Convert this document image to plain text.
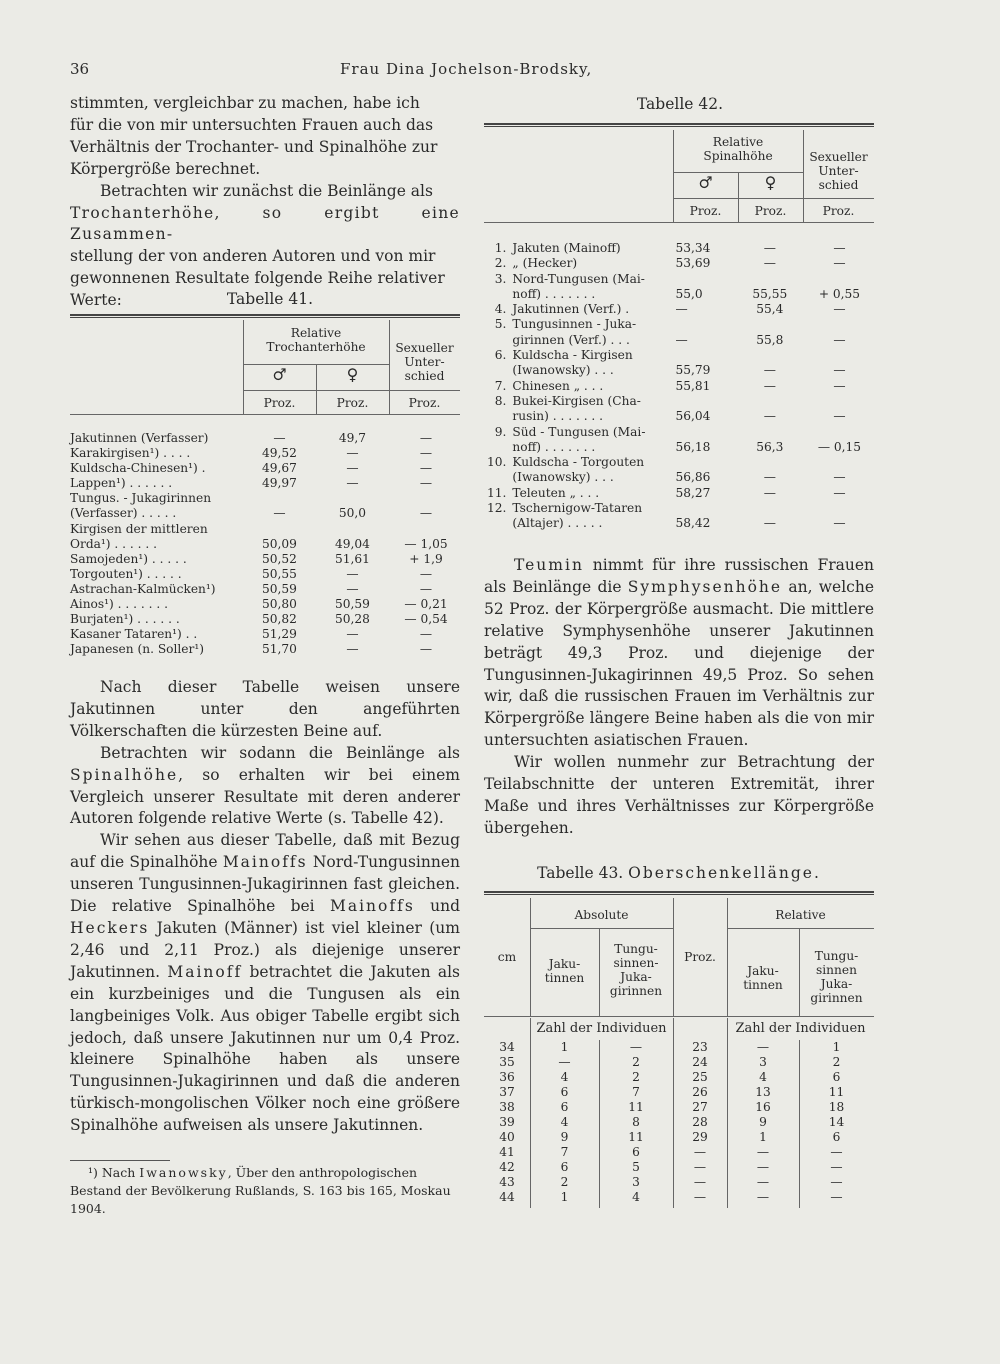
36	Frau Dina Jochelson-Brodsky,

stimmten, vergleichbar zu machen, habe ich

für die von mir untersuchten Frauen auch das

Verhältnis der Trochanter- und Spinalhöhe zur

Körpergröße berechnet.

Betrachten wir zunächst die Beinlänge als

Trochanterhöhe, so ergibt eine Zusammen-

stellung der von anderen Autoren und von mir

gewonnenen Resultate folgende Reihe relativer

Werte:	Tabelle 41.
Relative
Trochanterhöhe	Sexueller
Unter-
schied
♂	♀
Proz.	Proz.	Proz.
Jakutinnen (Verfasser)	—	49,7	—
Karakirgisen¹) . . . .	49,52	—	—
Kuldscha-Chinesen¹) .	49,67	—	—
Lappen¹) . . . . . .	49,97	—	—
Tungus. - Jukagirinnen			
(Verfasser) . . . . .	—	50,0	—
Kirgisen der mittleren			
Orda¹) . . . . . .	50,09	49,04	— 1,05
Samojeden¹) . . . . .	50,52	51,61	+ 1,9
Torgouten¹) . . . . .	50,55	—	—
Astrachan-Kalmücken¹)	50,59	—	—
Ainos¹) . . . . . . .	50,80	50,59	— 0,21
Burjaten¹) . . . . . .	50,82	50,28	— 0,54
Kasaner Tataren¹) . .	51,29	—	—
Japanesen (n. Soller¹)	51,70	—	—

Nach dieser Tabelle weisen unsere Jakutinnen unter den angeführten Völkerschaften die kürzesten Beine auf.

Betrachten wir sodann die Beinlänge als Spinalhöhe, so erhalten wir bei einem Vergleich unserer Resultate mit deren anderer Autoren folgende relative Werte (s. Tabelle 42).

Wir sehen aus dieser Tabelle, daß mit Bezug auf die Spinalhöhe Mainoffs Nord-Tungusinnen unseren Tungusinnen-Jukagirinnen fast gleichen. Die relative Spinalhöhe bei Mainoffs und Heckers Jakuten (Männer) ist viel kleiner (um 2,46 und 2,11 Proz.) als diejenige unserer Jakutinnen. Mainoff betrachtet die Jakuten als ein kurzbeiniges und die Tungusen als ein langbeiniges Volk. Aus obiger Tabelle ergibt sich jedoch, daß unsere Jakutinnen nur um 0,4 Proz. kleinere Spinalhöhe haben als unsere Tungusinnen-Jukagirinnen und daß die anderen türkisch-mongolischen Völker noch eine größere Spinalhöhe aufweisen als unsere Jakutinnen.

¹) Nach Iwanowsky, Über den anthropologischen Bestand der Bevölkerung Rußlands, S. 163 bis 165, Moskau 1904.
Tabelle 42.
Relative
Spinalhöhe	Sexueller
Unter-
schied
♂	♀
Proz.	Proz.	Proz.
1.	Jakuten (Mainoff)	53,34	—	—
2.	„ (Hecker)	53,69	—	—
3.	Nord-Tungusen (Mai-			
	noff) . . . . . . .	55,0	55,55	+ 0,55
4.	Jakutinnen (Verf.) .	—	55,4	—
5.	Tungusinnen - Juka-			
	girinnen (Verf.) . . .	—	55,8	—
6.	Kuldscha - Kirgisen			
	(Iwanowsky) . . .	55,79	—	—
7.	Chinesen „ . . .	55,81	—	—
8.	Bukei-Kirgisen (Cha-			
	rusin) . . . . . . .	56,04	—	—
9.	Süd - Tungusen (Mai-			
	noff) . . . . . . .	56,18	56,3	— 0,15
10.	Kuldscha - Torgouten			
	(Iwanowsky) . . .	56,86	—	—
11.	Teleuten „ . . .	58,27	—	—
12.	Tschernigow-Tataren			
	(Altajer) . . . . .	58,42	—	—

Teumin nimmt für ihre russischen Frauen als Beinlänge die Symphysenhöhe an, welche 52 Proz. der Körpergröße ausmacht. Die mittlere relative Symphysenhöhe unserer Jakutinnen beträgt 49,3 Proz. und diejenige der Tungusinnen-Jukagirinnen 49,5 Proz. So sehen wir, daß die russischen Frauen im Verhältnis zur Körpergröße längere Beine haben als die von mir untersuchten asiatischen Frauen.

Wir wollen nunmehr zur Betrachtung der Teilabschnitte der unteren Extremität, ihrer Maße und ihres Verhältnisses zur Körpergröße übergehen.

Tabelle 43. Oberschenkellänge.
cm
Absolute	Relative
Proz.
Jaku-
tinnen
Tungu-
sinnen-
Juka-
girinnen
Jaku-
tinnen
Tungu-
sinnen
Juka-
girinnen
Zahl der Individuen	Zahl der Individuen
34	1	—	23	—	1
35	—	2	24	3	2
36	4	2	25	4	6
37	6	7	26	13	11
38	6	11	27	16	18
39	4	8	28	9	14
40	9	11	29	1	6
41	7	6	—	—	—
42	6	5	—	—	—
43	2	3	—	—	—
44	1	4	—	—	—
